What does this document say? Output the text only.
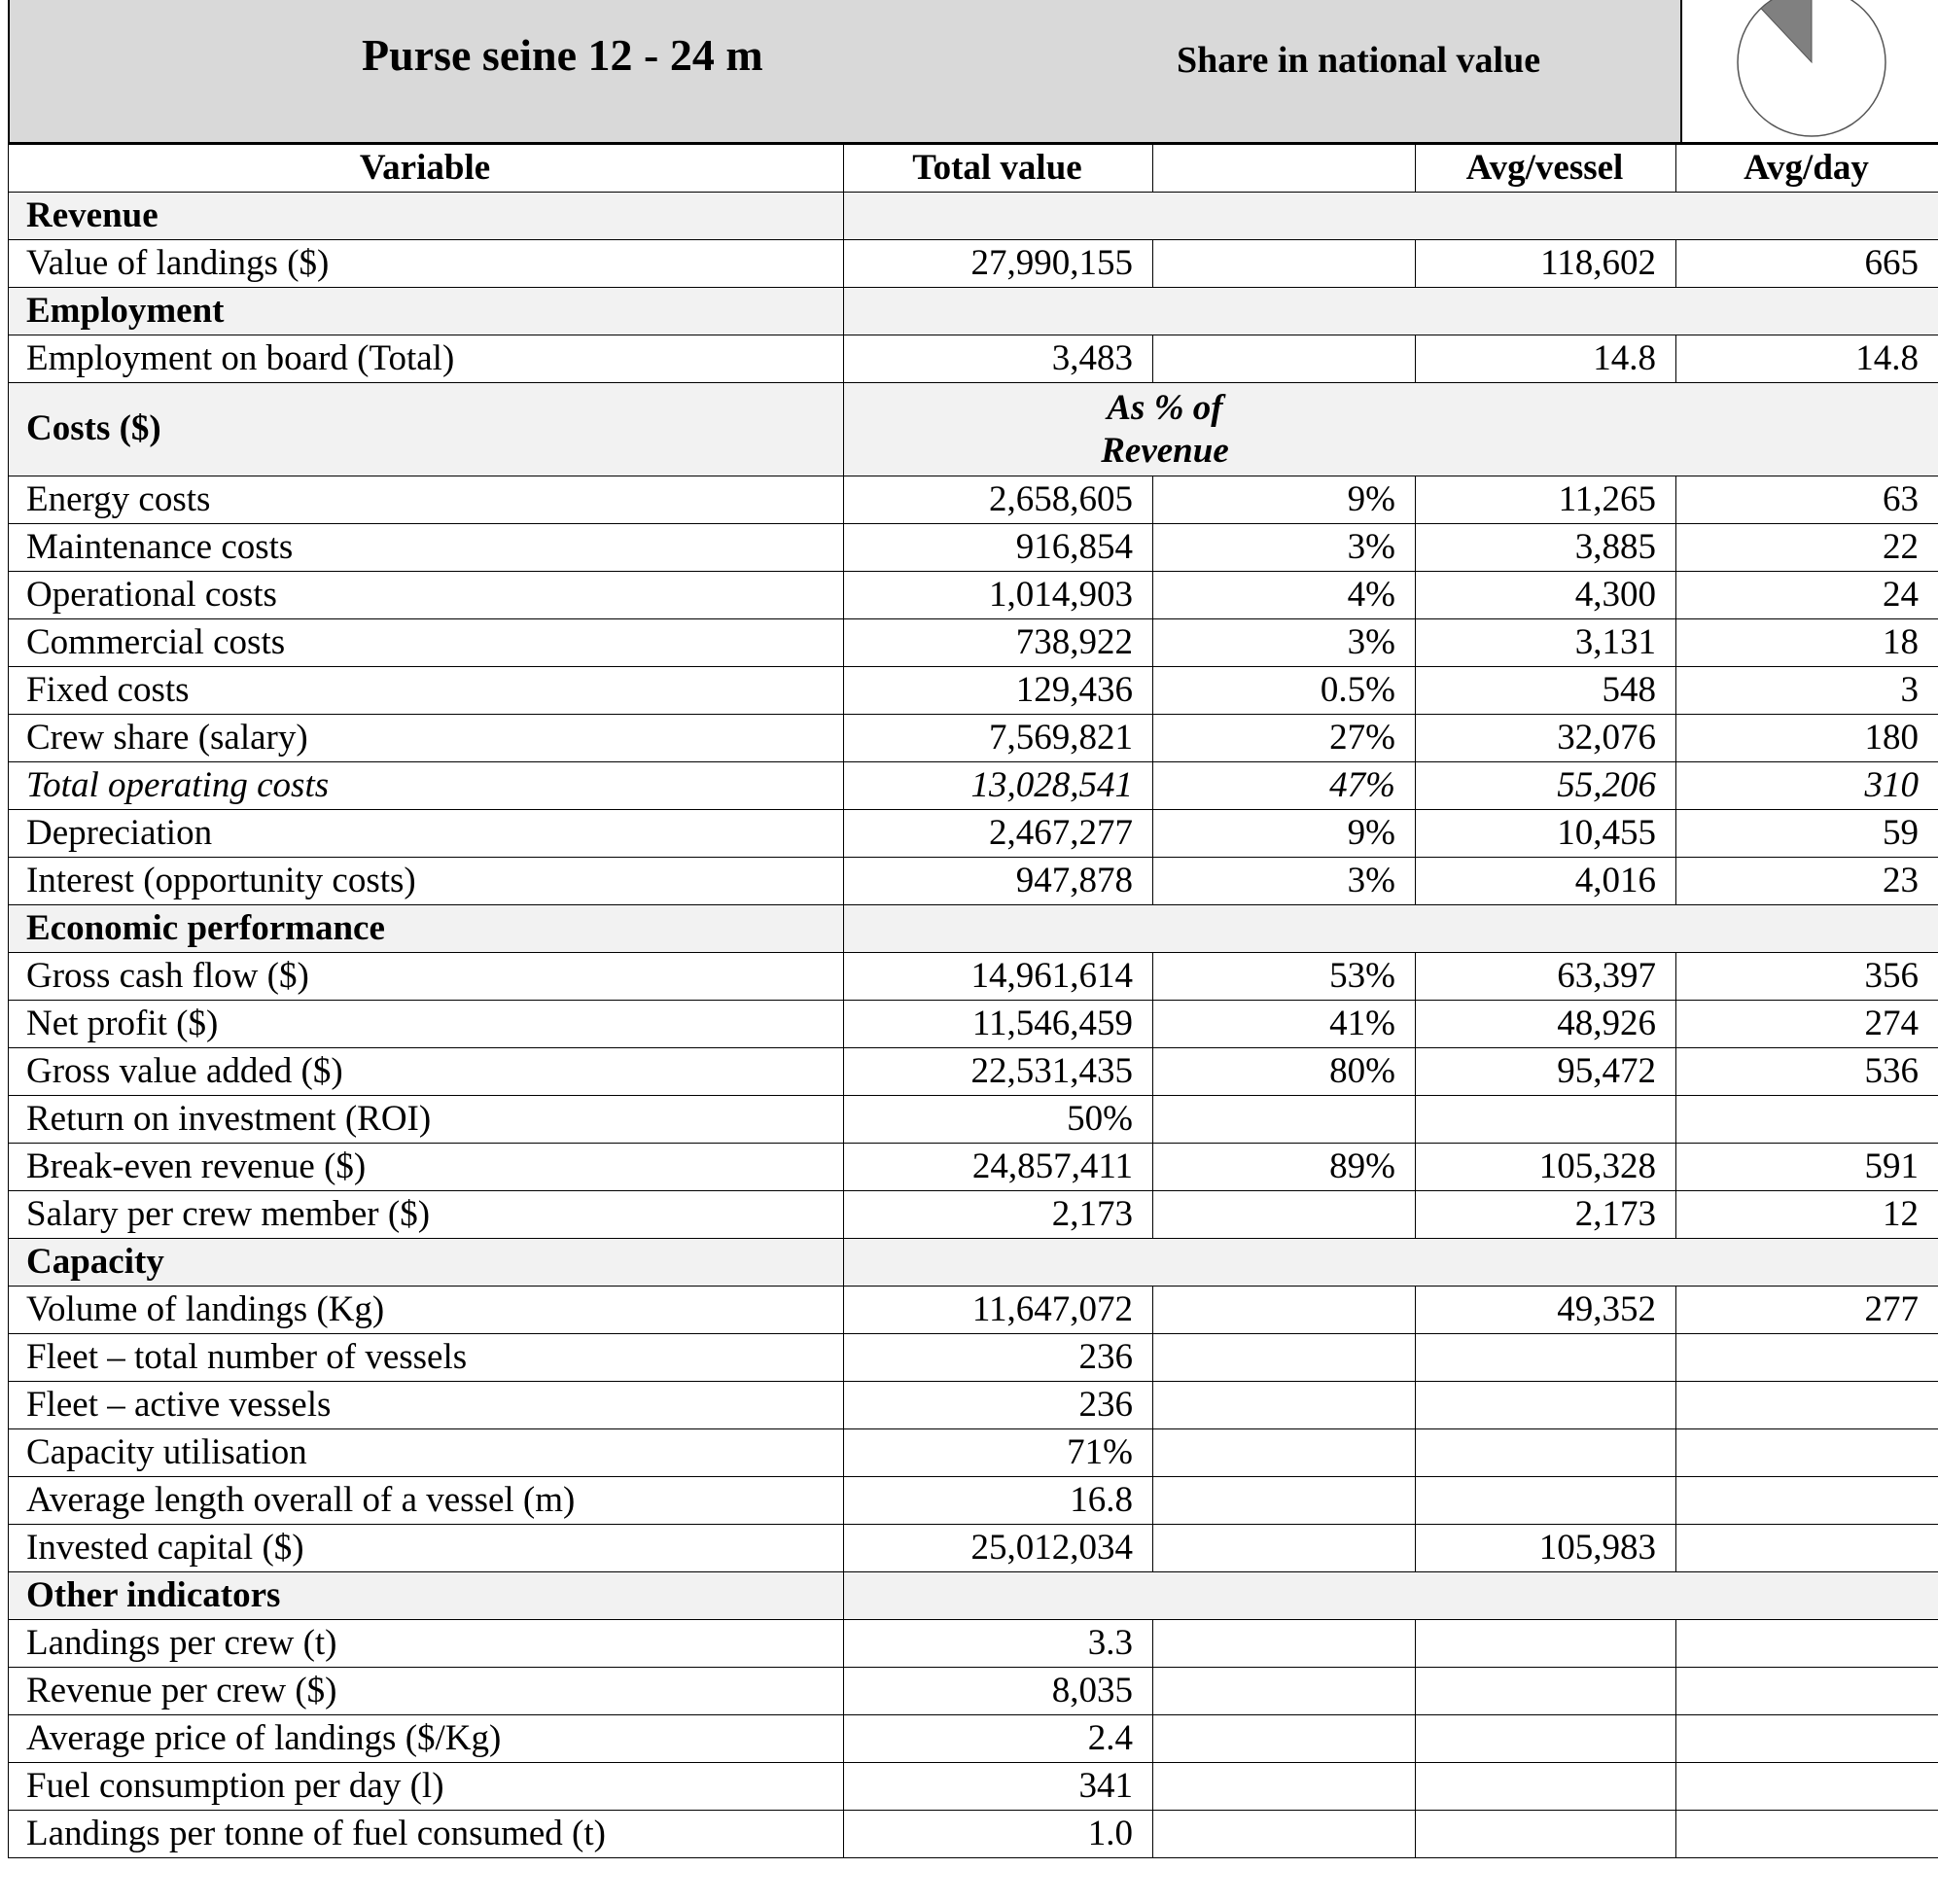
Purse seine 12 - 24 m	Share in national value
Variable	Total value		Avg/vessel	Avg/day
Revenue				
Value of landings ($)	27,990,155		118,602	665
Employment				
Employment on board (Total)	3,483		14.8	14.8
Costs ($)	As % of
Revenue			

Energy costs	2,658,605	9%	11,265	63
Maintenance costs	916,854	3%	3,885	22
Operational costs	1,014,903	4%	4,300	24
Commercial costs	738,922	3%	3,131	18
Fixed costs	129,436	0.5%	548	3
Crew share (salary)	7,569,821	27%	32,076	180
Total operating costs	13,028,541	47%	55,206	310
Depreciation	2,467,277	9%	10,455	59
Interest (opportunity costs)	947,878	3%	4,016	23
Economic performance				
Gross cash flow ($)	14,961,614	53%	63,397	356
Net profit ($)	11,546,459	41%	48,926	274
Gross value added ($)	22,531,435	80%	95,472	536
Return on investment (ROI)	50%			
Break-even revenue ($)	24,857,411	89%	105,328	591
Salary per crew member ($)	2,173		2,173	12
Capacity				
Volume of landings (Kg)	11,647,072		49,352	277
Fleet – total number of vessels	236			
Fleet – active vessels	236			
Capacity utilisation	71%			
Average length overall of a vessel (m)	16.8			
Invested capital ($)	25,012,034		105,983	
Other indicators				
Landings per crew (t)	3.3			
Revenue per crew ($)	8,035			
Average price of landings ($/Kg)	2.4			
Fuel consumption per day (l)	341			
Landings per tonne of fuel consumed (t)	1.0			
